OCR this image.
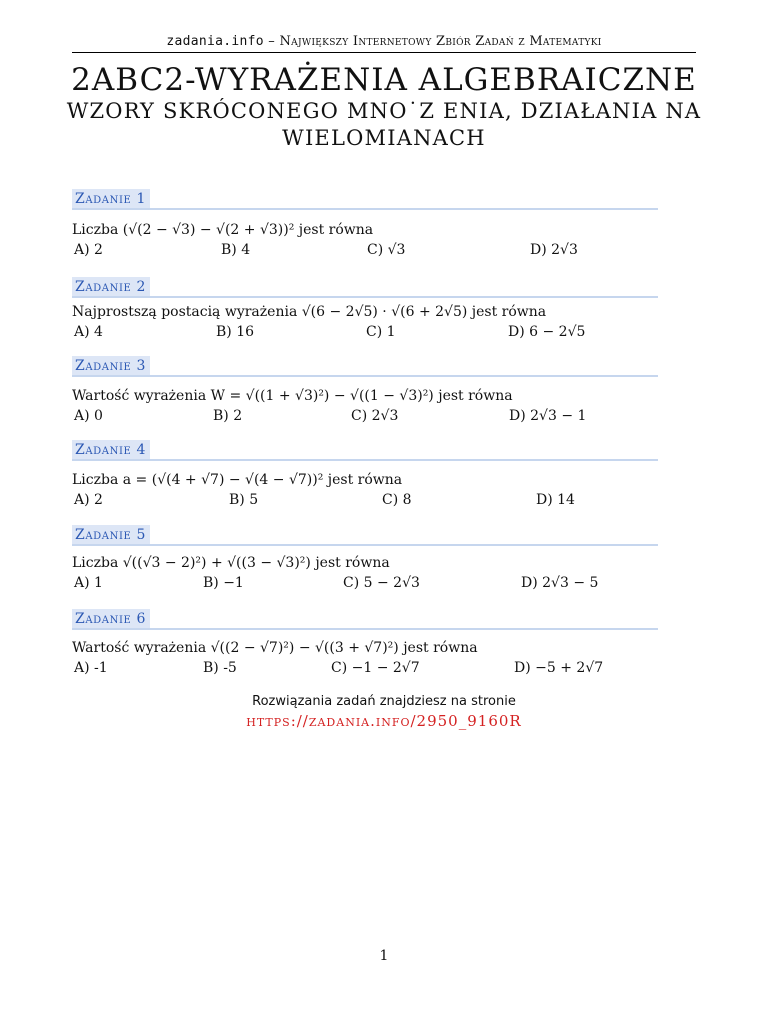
zadania.info – Największy Internetowy Zbiór Zadań z Matematyki
2ABC2-WYRAŻENIA ALGEBRAICZNE
WZORY SKRÓCONEGO MNO˙Z ENIA, DZIAŁANIA NA
WIELOMIANACH
Zadanie 1
Liczba (√(2 − √3) − √(2 + √3))² jest równa
A) 2	B) 4	C) √3	D) 2√3
Zadanie 2
Najprostszą postacią wyrażenia √(6 − 2√5) · √(6 + 2√5) jest równa
A) 4	B) 16	C) 1	D) 6 − 2√5
Zadanie 3
Wartość wyrażenia W = √((1 + √3)²) − √((1 − √3)²) jest równa
A) 0	B) 2	C) 2√3	D) 2√3 − 1
Zadanie 4
Liczba a = (√(4 + √7) − √(4 − √7))² jest równa
A) 2	B) 5	C) 8	D) 14
Zadanie 5
Liczba √((√3 − 2)²) + √((3 − √3)²) jest równa
A) 1	B) −1	C) 5 − 2√3	D) 2√3 − 5
Zadanie 6
Wartość wyrażenia √((2 − √7)²) − √((3 + √7)²) jest równa
A) -1	B) -5	C) −1 − 2√7	D) −5 + 2√7
Rozwiązania zadań znajdziesz na stronie
https://zadania.info/2950_9160R
1
